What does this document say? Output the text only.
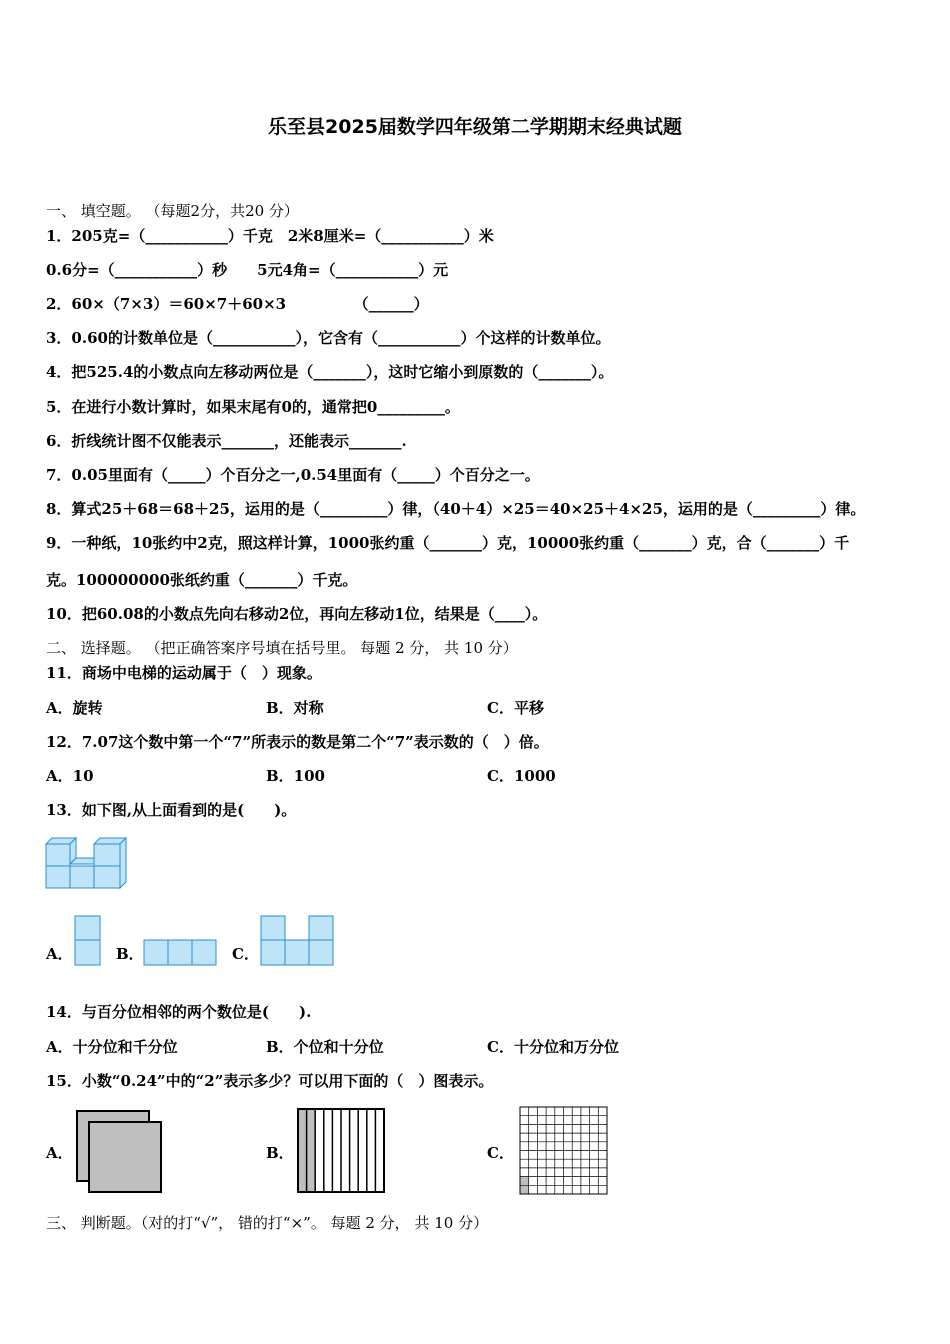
乐至县2025届数学四年级第二学期期末经典试题
一、 填空题。 （每题2分，共20 分）
1．205克=（___________）千克　2米8厘米=（___________）米
0.6分=（___________）秒　　5元4角=（___________）元
2．60×（7×3）＝60×7＋60×3　　　　　（______）
3．0.60的计数单位是（___________），它含有（___________）个这样的计数单位。
4．把525.4的小数点向左移动两位是（_______），这时它缩小到原数的（_______）。
5．在进行小数计算时，如果末尾有0的，通常把0_________。
6．折线统计图不仅能表示_______，还能表示_______.
7．0.05里面有（_____）个百分之一,0.54里面有（_____）个百分之一。
8．算式25＋68＝68＋25，运用的是（_________）律，（40＋4）×25＝40×25＋4×25，运用的是（_________）律。
9．一种纸，10张约中2克，照这样计算，1000张约重（_______）克，10000张约重（_______）克，合（_______）千
克。100000000张纸约重（_______）千克。
10．把60.08的小数点先向右移动2位，再向左移动1位，结果是（____）。
二、 选择题。 （把正确答案序号填在括号里。 每题 2 分， 共 10 分）
11．商场中电梯的运动属于（　）现象。
A．旋转	B．对称	C．平移
12．7.07这个数中第一个“7”所表示的数是第二个“7”表示数的（　）倍。
A．10	B．100	C．1000
13．如下图,从上面看到的是(　　)。
A．	B．	C．
14．与百分位相邻的两个数位是(　　).
A．十分位和千分位	B．个位和十分位	C．十分位和万分位
15．小数“0.24”中的“2”表示多少？可以用下面的（　）图表示。
A．	B．	C．
三、 判断题。（对的打“√”， 错的打“×”。 每题 2 分， 共 10 分）
